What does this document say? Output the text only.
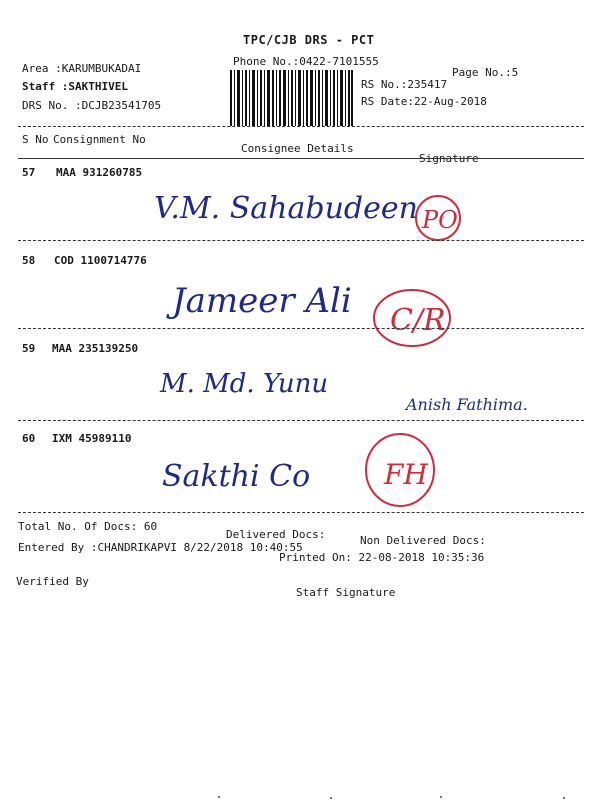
TPC/CJB DRS - PCT
Phone No.:0422-7101555
Area :KARUMBUKADAI
Staff :SAKTHIVEL
DRS No. :DCJB23541705
RS No.:235417
RS Date:22-Aug-2018
Page No.:5
S No Consignment No
Consignee Details
Signature
57 MAA 931260785
V.M. Sahabudeen PO
58 COD 1100714776
Jameer Ali C/R
59 MAA 235139250
M. Md. Yunu
Anish Fathima.
60 IXM 45989110
Sakthi Co	FH
Total No. Of Docs: 60
Delivered Docs:	Non Delivered Docs:
Entered By :CHANDRIKAPVI 8/22/2018 10:40:55
Printed On: 22-08-2018 10:35:36
Verified By
Staff Signature
